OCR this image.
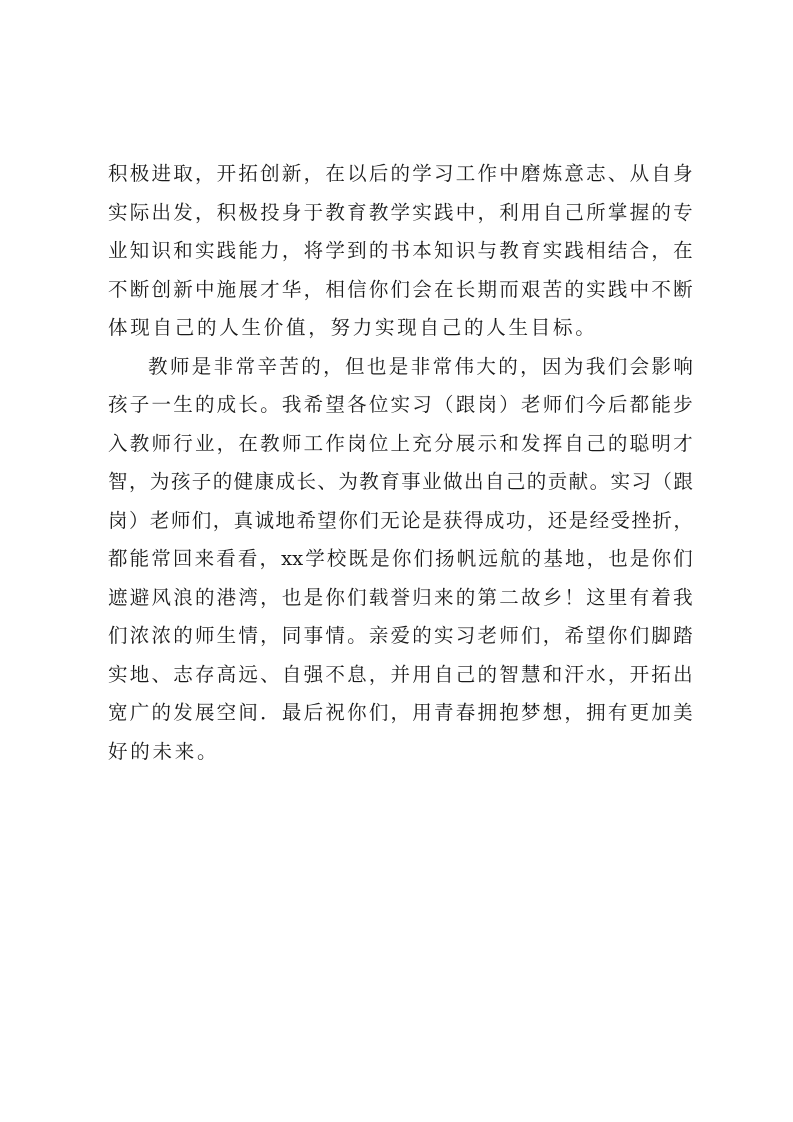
积 极 进 取 ， 开 拓 创 新 ， 在 以 后 的 学 习 工 作 中 磨 炼 意 志 、 从 自 身
实 际 出 发 ， 积 极 投 身 于 教 育 教 学 实 践 中 ， 利 用 自 己 所 掌 握 的 专
业 知 识 和 实 践 能 力 ， 将 学 到 的 书 本 知 识 与 教 育 实 践 相 结 合 ， 在
不 断 创 新 中 施 展 才 华 ， 相 信 你 们 会 在 长 期 而 艰 苦 的 实 践 中 不 断
体现自己的人生价值，努力实现自己的人生目标。
教 师 是 非 常 辛 苦 的 ， 但 也 是 非 常 伟 大 的 ， 因 为 我 们 会 影 响
孩 子 一 生 的 成 长 。 我 希 望 各 位 实 习 （ 跟 岗 ） 老 师 们 今 后 都 能 步
入 教 师 行 业 ， 在 教 师 工 作 岗 位 上 充 分 展 示 和 发 挥 自 己 的 聪 明 才
智 ， 为 孩 子 的 健 康 成 长 、 为 教 育 事 业 做 出 自 己 的 贡 献 。 实 习 （ 跟
岗 ） 老 师 们 ， 真 诚 地 希 望 你 们 无 论 是 获 得 成 功 ， 还 是 经 受 挫 折 ，
都 能 常 回 来 看 看 ， xx 学 校 既 是 你 们 扬 帆 远 航 的 基 地 ， 也 是 你 们
遮 避 风 浪 的 港 湾 ， 也 是 你 们 载 誉 归 来 的 第 二 故 乡 ！ 这 里 有 着 我
们 浓 浓 的 师 生 情 ， 同 事 情 。 亲 爱 的 实 习 老 师 们 ， 希 望 你 们 脚 踏
实 地 、 志 存 高 远 、 自 强 不 息 ， 并 用 自 己 的 智 慧 和 汗 水 ， 开 拓 出
宽 广 的 发 展 空 间 ． 最 后 祝 你 们 ， 用 青 春 拥 抱 梦 想 ， 拥 有 更 加 美
好的未来。
